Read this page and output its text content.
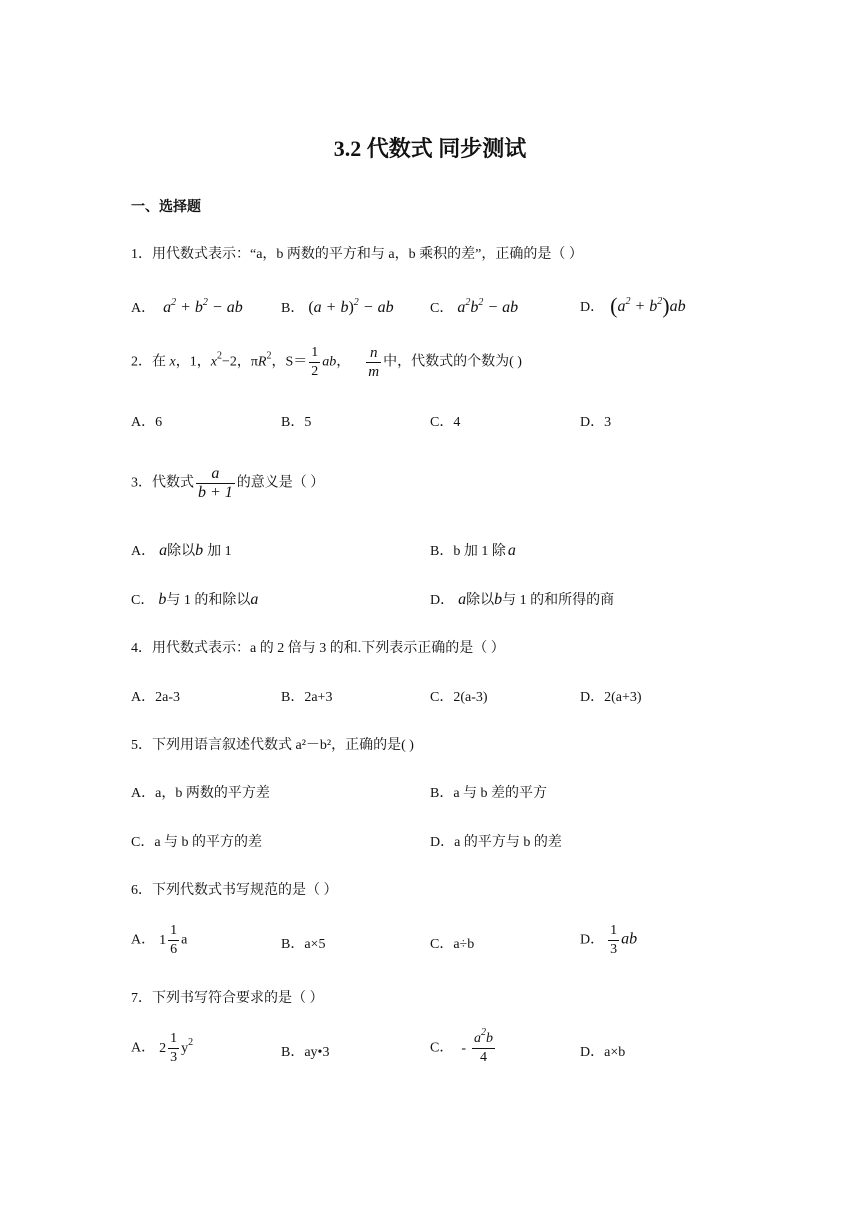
3.2 代数式 同步测试
一、选择题
1．用代数式表示：“a，b 两数的平方和与 a，b 乘积的差”，正确的是（ ）
A． $a^2 + b^2$ − ab	B． $(a + b)^2$ − ab	C． $a^2b^2$ − ab	D． $(a^2 + b^2)ab$
2．在 x，1，$x^2-2$，$\pi R^2$，$S= \frac{1}{2}$ ab， $\frac{n}{m}$ 中，代数式的个数为( )
A．6	B．5	C．4	D．3
3．代数式 $\frac{a}{b + 1}$ 的意义是（ ）
A． a除以b 加 1	B．b 加 1 除 a
C． b与 1 的和除以a	D． a除以b与 1 的和所得的商
4．用代数式表示：a 的 2 倍与 3 的和.下列表示正确的是（ ）
A．2a-3	B．2a+3	C．2(a-3)	D．2(a+3)
5．下列用语言叙述代数式 a²－b²，正确的是( )
A．a，b 两数的平方差	B．a 与 b 差的平方
C．a 与 b 的平方的差	D．a 的平方与 b 的差
6．下列代数式书写规范的是（ ）
A． $1 \frac{1}{6}$ a	B．a×5	C．a÷b	D． $\frac{1}{3}$ ab
7．下列书写符合要求的是（ ）
A． $2 \frac{1}{3} y^2$
B．ay•3	C． - $\frac{a^2b}{4}$	D．a×b
